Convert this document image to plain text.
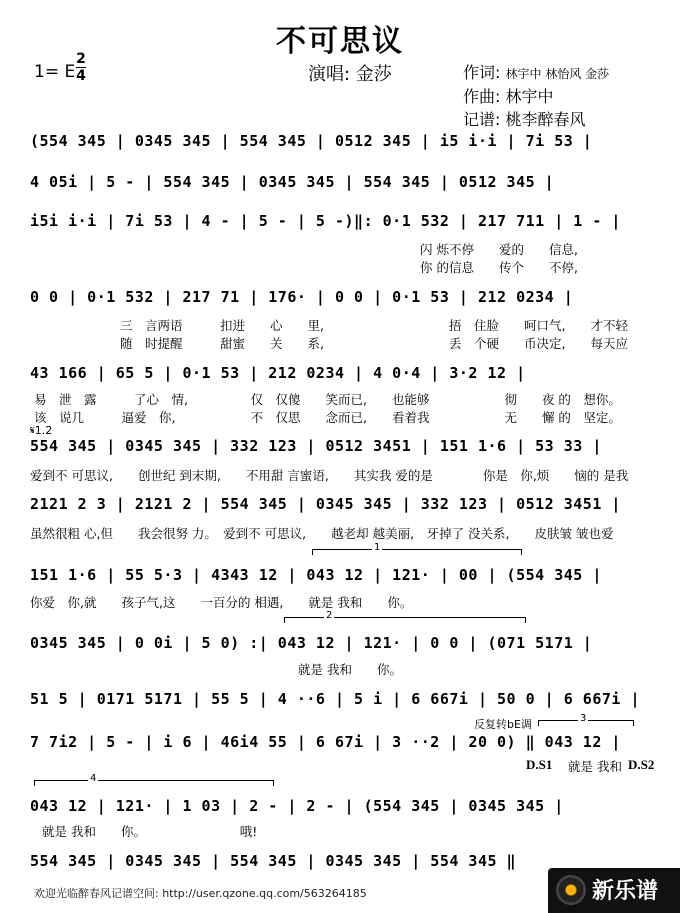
不可思议
1= E
2
4	演唱: 金莎	作词: 林宇中 林怡风 金莎
作曲: 林宇中
记谱: 桃李醉春风
(554 345 | 0345 345 | 554 345 | 0512 345 | i5 i·i | 7i 53 |
4 05i | 5 - | 554 345 | 0345 345 | 554 345 | 0512 345 |
i5i i·i | 7i 53 | 4 - | 5 - | 5 -)‖: 0·1 532 | 217 711 | 1 - |
闪 烁不停　　爱的　　信息,
你 的信息　　传个　　不停,
0 0 | 0·1 532 | 217 71 | 176· | 0 0 | 0·1 53 | 212 0234 |
三　言两语　　　扣进　　心　　里,　　　　　　　　　　捂　住脸　　呵口气,　　才不轻
随　时提醒　　　甜蜜　　关　　系,　　　　　　　　　　丢　个硬　　币决定,　　每天应
43 166 | 65 5 | 0·1 53 | 212 0234 | 4 0·4 | 3·2 12 |
易　泄　露　　　了心　情,　　　　　仅　仅傻　　笑而已,　　也能够　　　　　　彻　　夜 的　想你。
该　说几　　　逼爱　你,　　　　　　不　仅思　　念而已,　　看着我　　　　　　无　　懈 的　坚定。
𝄋1.2
554 345 | 0345 345 | 332 123 | 0512 3451 | 151 1·6 | 53 33 |
爱到不 可思议,　　创世纪 到末期,　　不用甜 言蜜语,　　其实我 爱的是　　　　你是　你,烦　　恼的 是我
2121 2 3 | 2121 2 | 554 345 | 0345 345 | 332 123 | 0512 3451 |
虽然很粗 心,但　　我会很努 力。　爱到不 可思议,　　越老却 越美丽,　牙掉了 没关系,　　皮肤皱 皱也爱
1
151 1·6 | 55 5·3 | 4343 12 | 043 12 | 121· | 00 | (554 345 |
你爱　你,就　　孩子气,这　　一百分的 相遇,　　就是 我和　　你。
2
0345 345 | 0 0i | 5 0) :| 043 12 | 121· | 0 0 | (071 5171 |
就是 我和　　你。
51 5 | 0171 5171 | 55 5 | 4 ··6 | 5 i | 6 667i | 50 0 | 6 667i |
反复转bE调	3
7 7i2 | 5 - | i 6 | 46i4 55 | 6 67i | 3 ··2 | 20 0) ‖ 043 12 |
D.S1 就是 我和 D.S2
4
043 12 | 121· | 1 03 | 2 - | 2 - | (554 345 | 0345 345 |
就是 我和　　你。　　　　　　　　哦!
554 345 | 0345 345 | 554 345 | 0345 345 | 554 345 ‖
欢迎光临醉春风记谱空间: http://user.qzone.qq.com/563264185	新乐谱
